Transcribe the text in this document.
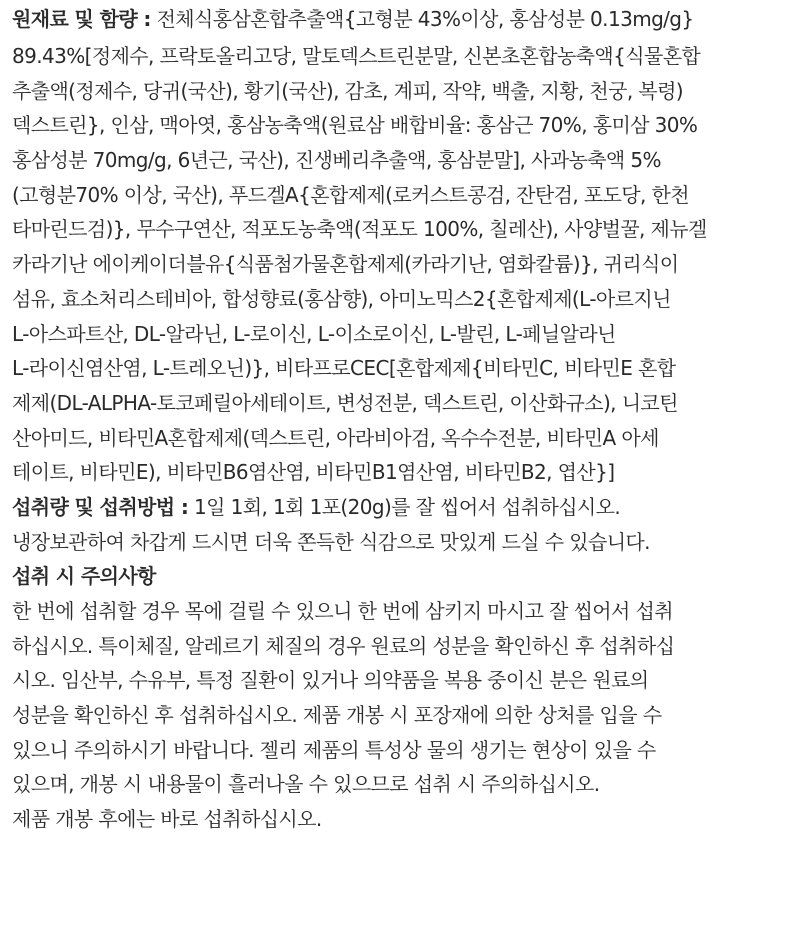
원재료 및 함량 : 전체식홍삼혼합추출액{고형분 43%이상, 홍삼성분 0.13mg/g}
89.43%[정제수, 프락토올리고당, 말토덱스트린분말, 신본초혼합농축액{식물혼합
추출액(정제수, 당귀(국산), 황기(국산), 감초, 계피, 작약, 백출, 지황, 천궁, 복령)
덱스트린}, 인삼, 맥아엿, 홍삼농축액(원료삼 배합비율: 홍삼근 70%, 홍미삼 30%
홍삼성분 70mg/g, 6년근, 국산), 진생베리추출액, 홍삼분말], 사과농축액 5%
(고형분70% 이상, 국산), 푸드겔A{혼합제제(로커스트콩검, 잔탄검, 포도당, 한천
타마린드검)}, 무수구연산, 적포도농축액(적포도 100%, 칠레산), 사양벌꿀, 제뉴겔
카라기난 에이케이더블유{식품첨가물혼합제제(카라기난, 염화칼륨)}, 귀리식이
섬유, 효소처리스테비아, 합성향료(홍삼향), 아미노믹스2{혼합제제(L-아르지닌
L-아스파트산, DL-알라닌, L-로이신, L-이소로이신, L-발린, L-페닐알라닌
L-라이신염산염, L-트레오닌)}, 비타프로CEC[혼합제제{비타민C, 비타민E 혼합
제제(DL-ALPHA-토코페릴아세테이트, 변성전분, 덱스트린, 이산화규소), 니코틴
산아미드, 비타민A혼합제제(덱스트린, 아라비아검, 옥수수전분, 비타민A 아세
테이트, 비타민E), 비타민B6염산염, 비타민B1염산염, 비타민B2, 엽산}]
섭취량 및 섭취방법 : 1일 1회, 1회 1포(20g)를 잘 씹어서 섭취하십시오.
냉장보관하여 차갑게 드시면 더욱 쫀득한 식감으로 맛있게 드실 수 있습니다.
섭취 시 주의사항
한 번에 섭취할 경우 목에 걸릴 수 있으니 한 번에 삼키지 마시고 잘 씹어서 섭취
하십시오. 특이체질, 알레르기 체질의 경우 원료의 성분을 확인하신 후 섭취하십
시오. 임산부, 수유부, 특정 질환이 있거나 의약품을 복용 중이신 분은 원료의
성분을 확인하신 후 섭취하십시오. 제품 개봉 시 포장재에 의한 상처를 입을 수
있으니 주의하시기 바랍니다. 젤리 제품의 특성상 물의 생기는 현상이 있을 수
있으며, 개봉 시 내용물이 흘러나올 수 있으므로 섭취 시 주의하십시오.
제품 개봉 후에는 바로 섭취하십시오.
